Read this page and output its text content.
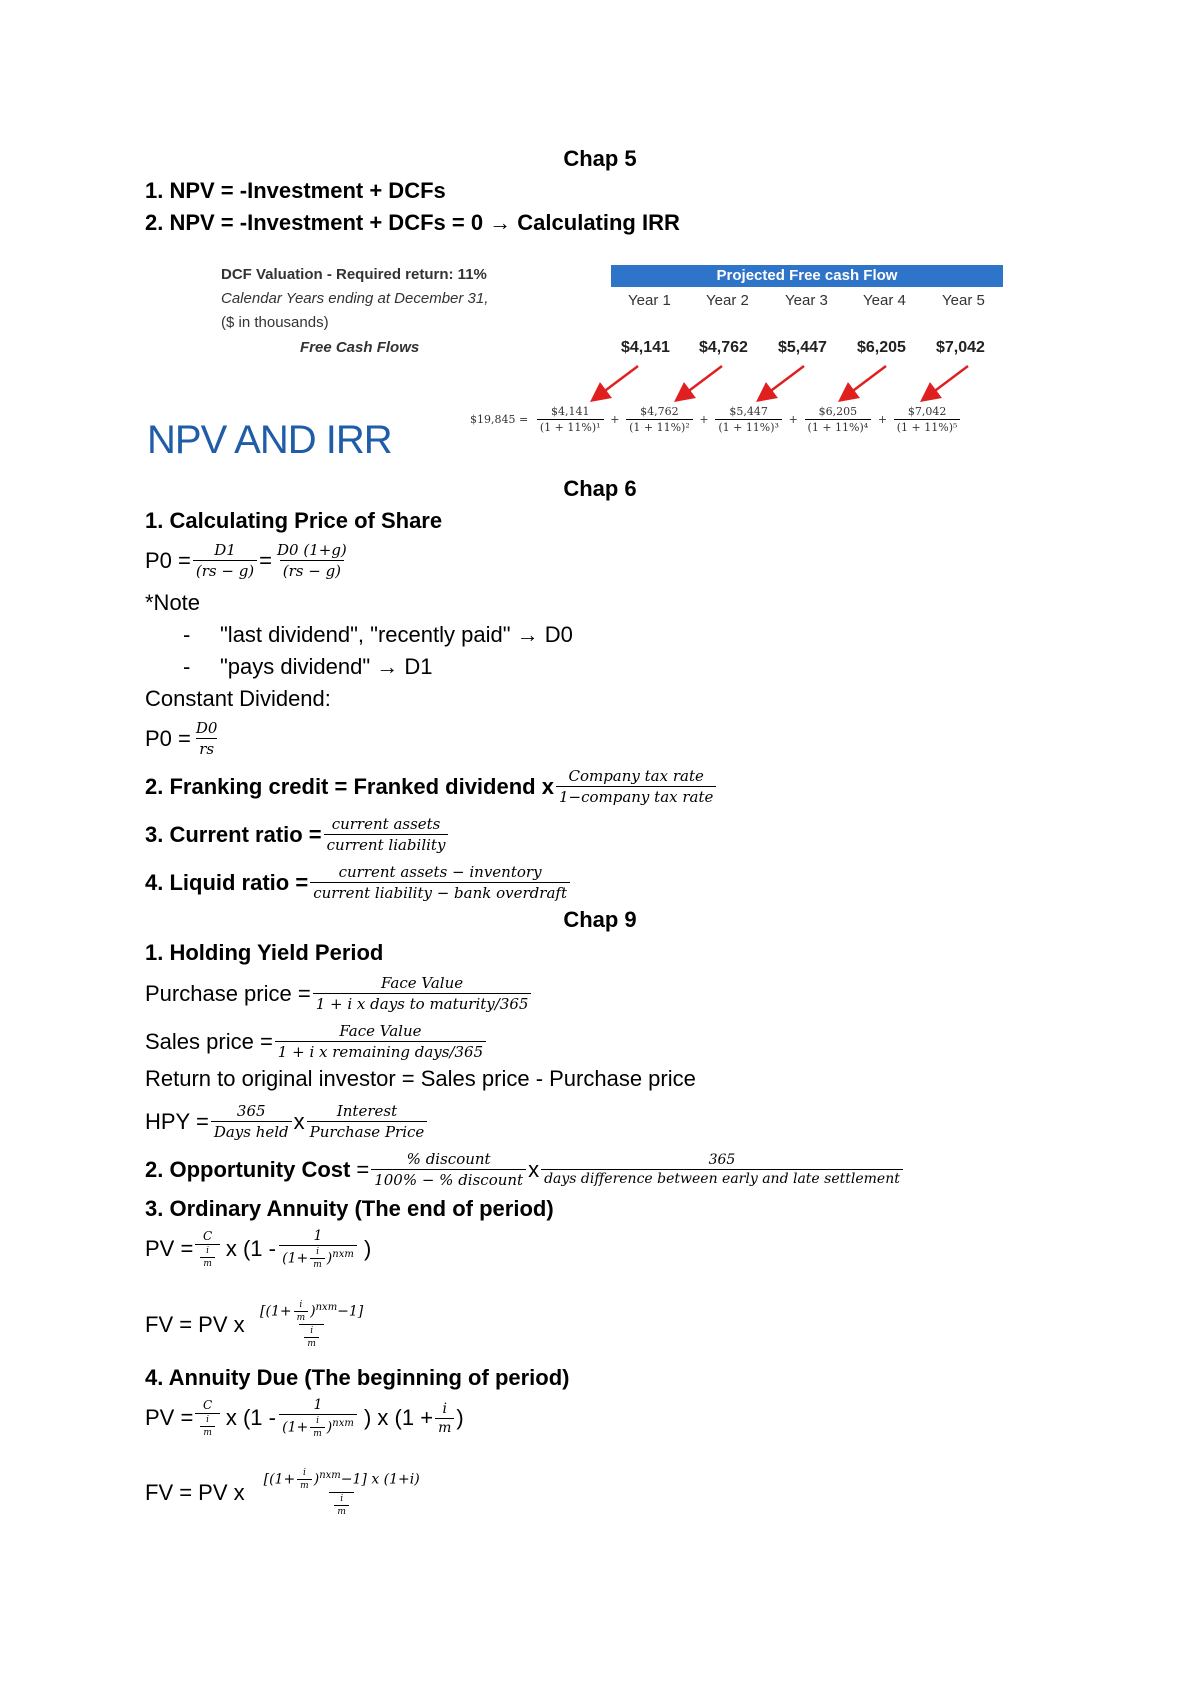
Chap 5
1. NPV = -Investment + DCFs
2. NPV = -Investment + DCFs = 0 → Calculating IRR
DCF Valuation - Required return: 11%
Calendar Years ending at December 31,
($ in thousands)
Free Cash Flows
Projected Free cash Flow
Year 1 Year 2 Year 3 Year 4 Year 5
$4,141 $4,762 $5,447 $6,205 $7,042
$19,845 = $\frac{\$4,141}{\text{(1 + 11\%)¹}} + \frac{\$4,762}{\text{(1 + 11\%)²}} + \frac{\$5,447}{\text{(1 + 11\%)³}} + \frac{\$6,205}{\text{(1 + 11\%)⁴}} + \frac{\$7,042}{\text{(1 + 11\%)⁵}}$
NPV AND IRR
Chap 6
1. Calculating Price of Share
$P0 = \frac{D1}{(rs - g)} = \frac{D0 (1+g)}{(rs - g)}$
*Note
- "last dividend", "recently paid" → D0
- "pays dividend" → D1
Constant Dividend:
$P0 = \frac{D0}{rs}$
2. Franking credit = Franked dividend x $\frac{\text{Company tax rate}}{\text{1−company tax rate}}$
3. Current ratio = $\frac{\text{current assets}}{\text{current liability}}$
4. Liquid ratio = $\frac{\text{current assets − inventory}}{\text{current liability − bank overdraft}}$
Chap 9
1. Holding Yield Period
Purchase price = $\frac{\text{Face Value}}{\text{1 + i x days to maturity/365}}$
Sales price = $\frac{\text{Face Value}}{\text{1 + i x remaining days/365}}$
Return to original investor = Sales price - Purchase price
HPY = $\frac{365}{\text{Days held}}$ x $\frac{\text{Interest}}{\text{Purchase Price}}$
2. Opportunity Cost = $\frac{\text{\% discount}}{\text{100\% − \% discount}}$ x $\frac{365}{\text{days difference between early and late settlement}}$
3. Ordinary Annuity (The end of period)
PV = $\frac{C}{\frac{i}{m}}$ x ($1 - \frac{1}{(1+ \frac{i}{m} )^{nxm}}$ )
FV = PV x $\frac{[(1+ \frac{i}{m} )^{nxm}-1]}{\frac{i}{m}}$
4. Annuity Due (The beginning of period)
PV = $\frac{C}{\frac{i}{m}}$ x ($1 - \frac{1}{(1+ \frac{i}{m} )^{nxm}}$ ) x ($1 + \frac{i}{m}$ )
FV = PV x $\frac{[(1+ \frac{i}{m} )^{nxm}-1] x (1+i)}{\frac{i}{m}}$
